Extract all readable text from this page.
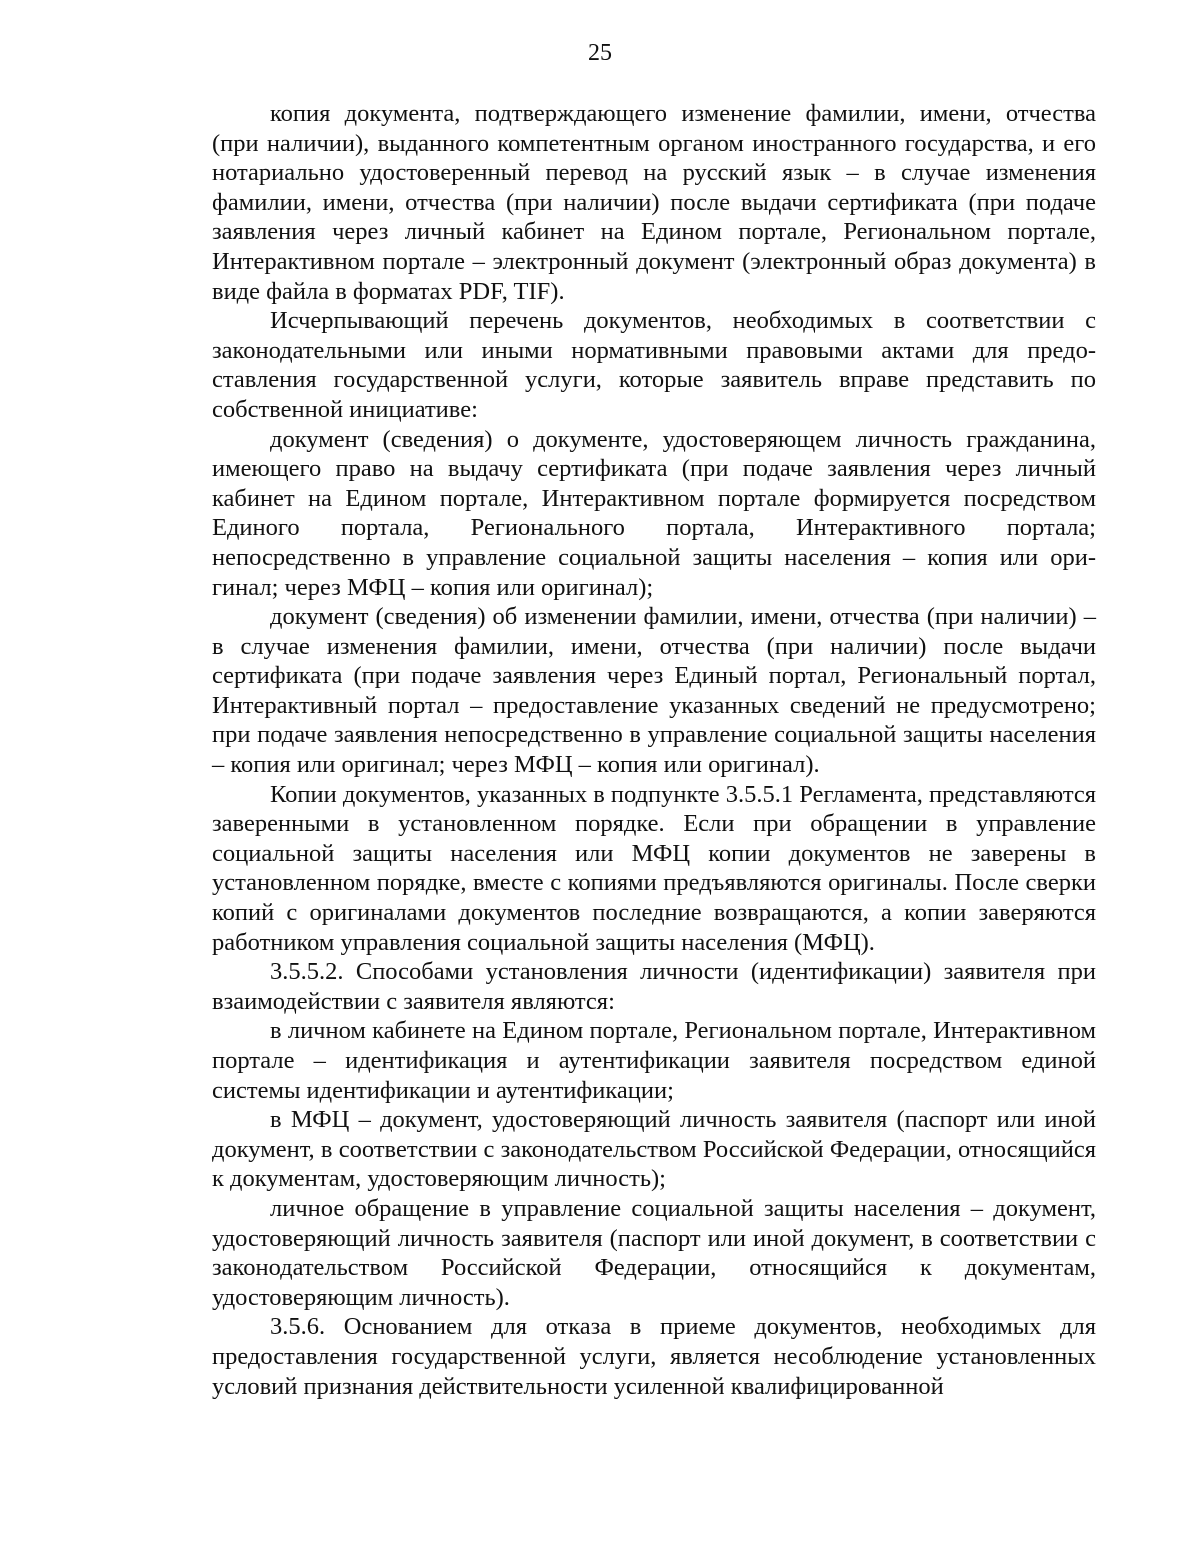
25

копия документа, подтверждающего изменение фамилии, имени, отчества (при наличии), выданного компетентным органом иностранного государства, и его нотариально удостоверенный перевод на русский язык – в случае изменения фамилии, имени, отчества (при наличии) после выдачи сертификата (при подаче заявления через личный кабинет на Едином портале, Региональном портале, Интерактивном портале – электронный документ (электронный образ документа) в виде файла в форматах PDF, TIF).

Исчерпывающий перечень документов, необходимых в соответствии с законодательными или иными нормативными правовыми актами для предоставления государственной услуги, которые заявитель вправе представить по собственной инициативе:

документ (сведения) о документе, удостоверяющем личность гражданина, имеющего право на выдачу сертификата (при подаче заявления через личный кабинет на Едином портале, Интерактивном портале формируется посредством Единого портала, Регионального портала, Интерактивного портала; непосредственно в управление социальной защиты населения – копия или оригинал; через МФЦ – копия или оригинал);

документ (сведения) об изменении фамилии, имени, отчества (при наличии) – в случае изменения фамилии, имени, отчества (при наличии) после выдачи сертификата (при подаче заявления через Единый портал, Региональный портал, Интерактивный портал – предоставление указанных сведений не предусмотрено; при подаче заявления непосредственно в управление социальной защиты населения – копия или оригинал; через МФЦ – копия или оригинал).

Копии документов, указанных в подпункте 3.5.5.1 Регламента, представляются заверенными в установленном порядке. Если при обращении в управление социальной защиты населения или МФЦ копии документов не заверены в установленном порядке, вместе с копиями предъявляются оригиналы. После сверки копий с оригиналами документов последние возвращаются, а копии заверяются работником управления социальной защиты населения (МФЦ).

3.5.5.2. Способами установления личности (идентификации) заявителя при взаимодействии с заявителя являются:

в личном кабинете на Едином портале, Региональном портале, Интерактивном портале – идентификация и аутентификации заявителя посредством единой системы идентификации и аутентификации;

в МФЦ – документ, удостоверяющий личность заявителя (паспорт или иной документ, в соответствии с законодательством Российской Федерации, относящийся к документам, удостоверяющим личность);

личное обращение в управление социальной защиты населения – документ, удостоверяющий личность заявителя (паспорт или иной документ, в соответствии с законодательством Российской Федерации, относящийся к документам, удостоверяющим личность).

3.5.6. Основанием для отказа в приеме документов, необходимых для предоставления государственной услуги, является несоблюдение установленных условий признания действительности усиленной квалифицированной
